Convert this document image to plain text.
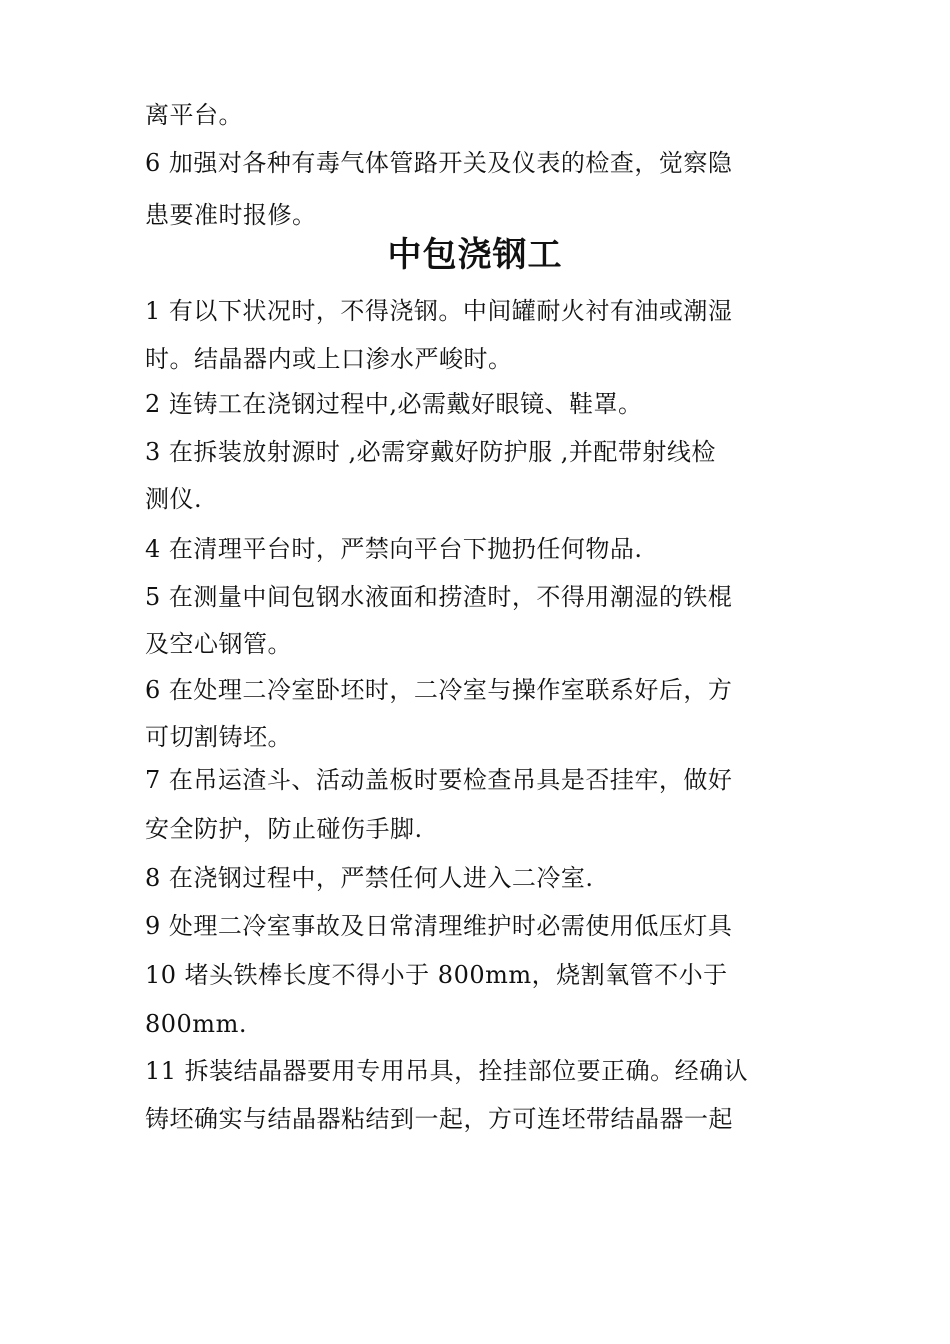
离平台。
6 加强对各种有毒气体管路开关及仪表的检查，觉察隐
患要准时报修。
中包浇钢工
1 有以下状况时，不得浇钢。中间罐耐火衬有油或潮湿
时。结晶器内或上口渗水严峻时。
2 连铸工在浇钢过程中,必需戴好眼镜、鞋罩。
3 在拆装放射源时 ,必需穿戴好防护服 ,并配带射线检
测仪.
4 在清理平台时，严禁向平台下抛扔任何物品.
5 在测量中间包钢水液面和捞渣时，不得用潮湿的铁棍
及空心钢管。
6 在处理二冷室卧坯时，二冷室与操作室联系好后，方
可切割铸坯。
7 在吊运渣斗、活动盖板时要检查吊具是否挂牢，做好
安全防护，防止碰伤手脚.
8 在浇钢过程中，严禁任何人进入二冷室.
9 处理二冷室事故及日常清理维护时必需使用低压灯具
10 堵头铁棒长度不得小于 800mm，烧割氧管不小于
800mm.
11 拆装结晶器要用专用吊具，拴挂部位要正确。经确认
铸坯确实与结晶器粘结到一起，方可连坯带结晶器一起
